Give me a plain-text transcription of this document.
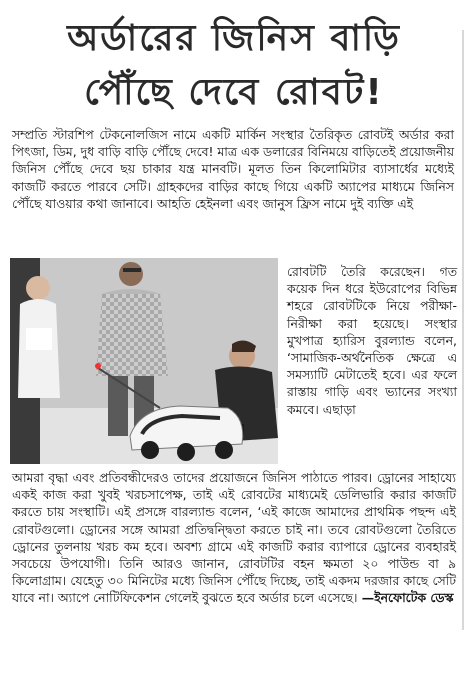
অর্ডারের জিনিস বাড়ি
পৌঁছে দেবে রোবট!

সম্প্রতি স্টারশিপ টেকনোলজিস নামে একটি মার্কিন সংস্থার তৈরিকৃত রোবটই অর্ডার করা পিৎজা, ডিম, দুধ বাড়ি বাড়ি পৌঁছে দেবে! মাত্র এক ডলারের বিনিময়ে বাড়িতেই প্রয়োজনীয় জিনিস পৌঁছে দেবে ছয় চাকার যন্ত্র মানবটি। মূলত তিন কিলোমিটার ব্যাসার্ধের মধ্যেই কাজটি করতে পারবে সেটি। গ্রাহকদের বাড়ির কাছে গিয়ে একটি অ্যাপের মাধ্যমে জিনিস পৌঁছে যাওয়ার কথা জানাবে। আহতি হেইনলা এবং জানুস ফ্রিস নামে দুই ব্যক্তি এই

রোবটটি তৈরি করেছেন। গত কয়েক দিন ধরে ইউরোপের বিভিন্ন শহরে রোবটটিকে নিয়ে পরীক্ষা-নিরীক্ষা করা হয়েছে। সংস্থার মুখপাত্র হ্যারিস বুরল্যান্ড বলেন, ‘সামাজিক-অর্থনৈতিক ক্ষেত্রে এ সমস্যাটি মেটাতেই হবে। এর ফলে রাস্তায় গাড়ি এবং ভ্যানের সংখ্যা কমবে। এছাড়া

আমরা বৃদ্ধা এবং প্রতিবন্ধীদেরও তাদের প্রয়োজনে জিনিস পাঠাতে পারব। ড্রোনের সাহায্যে একই কাজ করা খুবই খরচসাপেক্ষ, তাই এই রোবটের মাধ্যমেই ডেলিভারি করার কাজটি করতে চায় সংস্থাটি। এই প্রসঙ্গে বারল্যান্ড বলেন, ‘এই কাজে আমাদের প্রাথমিক পছন্দ এই রোবটগুলো। ড্রোনের সঙ্গে আমরা প্রতিদ্বন্দ্বিতা করতে চাই না। তবে রোবটগুলো তৈরিতে ড্রোনের তুলনায় খরচ কম হবে। অবশ্য গ্রামে এই কাজটি করার ব্যাপারে ড্রোনের ব্যবহারই সবচেয়ে উপযোগী। তিনি আরও জানান, রোবটটির বহন ক্ষমতা ২০ পাউন্ড বা ৯ কিলোগ্রাম। যেহেতু ৩০ মিনিটের মধ্যে জিনিস পৌঁছে দিচ্ছে, তাই একদম দরজার কাছে সেটি যাবে না। অ্যাপে নোটিফিকেশন গেলেই বুঝতে হবে অর্ডার চলে এসেছে। —ইনফোটেক ডেস্ক
